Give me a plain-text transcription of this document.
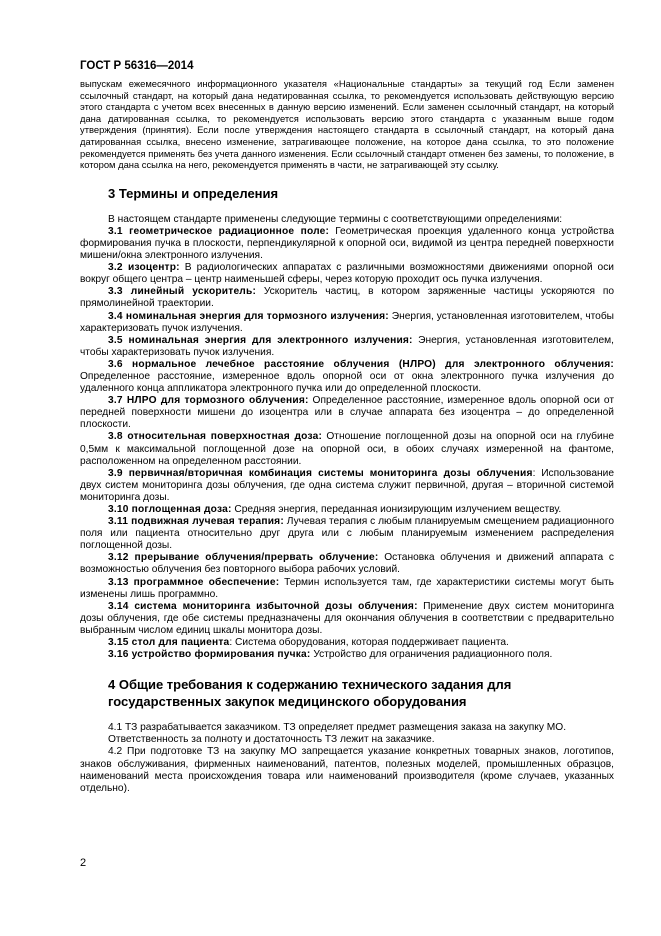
ГОСТ Р 56316—2014

выпускам ежемесячного информационного указателя «Национальные стандарты» за текущий год Если заменен ссылочный стандарт, на который дана недатированная ссылка, то рекомендуется использовать действующую версию этого стандарта с учетом всех внесенных в данную версию изменений. Если заменен ссылочный стандарт, на который дана датированная ссылка, то рекомендуется использовать версию этого стандарта с указанным выше годом утверждения (принятия). Если после утверждения настоящего стандарта в ссылочный стандарт, на который дана датированная ссылка, внесено изменение, затрагивающее положение, на которое дана ссылка, то это положение рекомендуется применять без учета данного изменения. Если ссылочный стандарт отменен без замены, то положение, в котором дана ссылка на него, рекомендуется применять в части, не затрагивающей эту ссылку.

3 Термины и определения

В настоящем стандарте применены следующие термины с соответствующими определениями:

3.1 геометрическое радиационное поле: Геометрическая проекция удаленного конца устройства формирования пучка в плоскости, перпендикулярной к опорной оси, видимой из центра передней поверхности мишени/окна электронного излучения.

3.2 изоцентр: В радиологических аппаратах с различными возможностями движениями опорной оси вокруг общего центра – центр наименьшей сферы, через которую проходит ось пучка излучения.

3.3 линейный ускоритель: Ускоритель частиц, в котором заряженные частицы ускоряются по прямолинейной траектории.

3.4 номинальная энергия для тормозного излучения: Энергия, установленная изготовителем, чтобы характеризовать пучок излучения.

3.5 номинальная энергия для электронного излучения: Энергия, установленная изготовителем, чтобы характеризовать пучок излучения.

3.6 нормальное лечебное расстояние облучения (НЛРО) для электронного облучения: Определенное расстояние, измеренное вдоль опорной оси от окна электронного пучка излучения до удаленного конца аппликатора электронного пучка или до определенной плоскости.

3.7 НЛРО для тормозного облучения: Определенное расстояние, измеренное вдоль опорной оси от передней поверхности мишени до изоцентра или в случае аппарата без изоцентра – до определенной плоскости.

3.8 относительная поверхностная доза: Отношение поглощенной дозы на опорной оси на глубине 0,5мм к максимальной поглощенной дозе на опорной оси, в обоих случаях измеренной на фантоме, расположенном на определенном расстоянии.

3.9 первичная/вторичная комбинация системы мониторинга дозы облучения: Использование двух систем мониторинга дозы облучения, где одна система служит первичной, другая – вторичной системой мониторинга дозы.

3.10 поглощенная доза: Средняя энергия, переданная ионизирующим излучением веществу.

3.11 подвижная лучевая терапия: Лучевая терапия с любым планируемым смещением радиационного поля или пациента относительно друг друга или с любым планируемым изменением распределения поглощенной дозы.

3.12 прерывание облучения/прервать облучение: Остановка облучения и движений аппарата с возможностью облучения без повторного выбора рабочих условий.

3.13 программное обеспечение: Термин используется там, где характеристики системы могут быть изменены лишь программно.

3.14 система мониторинга избыточной дозы облучения: Применение двух систем мониторинга дозы облучения, где обе системы предназначены для окончания облучения в соответствии с предварительно выбранным числом единиц шкалы монитора дозы.

3.15 стол для пациента: Система оборудования, которая поддерживает пациента.

3.16 устройство формирования пучка: Устройство для ограничения радиационного поля.

4 Общие требования к содержанию технического задания для государственных закупок медицинского оборудования

4.1 ТЗ разрабатывается заказчиком. ТЗ определяет предмет размещения заказа на закупку МО.

Ответственность за полноту и достаточность ТЗ лежит на заказчике.

4.2 При подготовке ТЗ на закупку МО запрещается указание конкретных товарных знаков, логотипов, знаков обслуживания, фирменных наименований, патентов, полезных моделей, промышленных образцов, наименований места происхождения товара или наименований производителя (кроме случаев, указанных отдельно).

2
